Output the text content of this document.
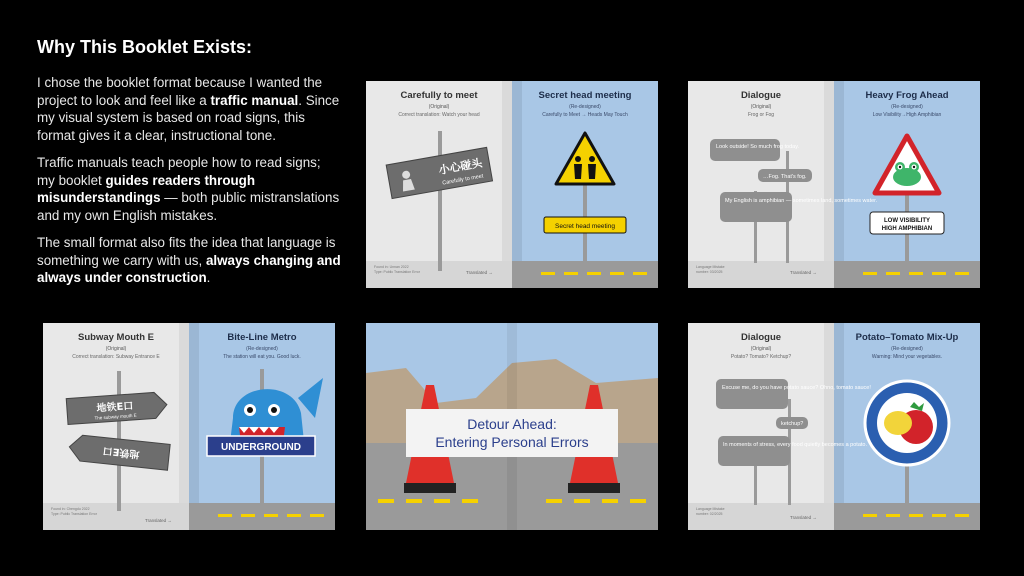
Why This Booklet Exists:

I chose the booklet format because I wanted the project to look and feel like a traffic manual. Since my visual system is based on road signs, this format gives it a clear, instructional tone.

Traffic manuals teach people how to read signs; my booklet guides readers through misunderstandings — both public mistranslations and my own English mistakes.

The small format also fits the idea that language is something we carry with us, always changing and always under construction.

Carefully to meet
(Original)
Correct translation: Watch your head
小心碰头
Carefully to meet
Found in: Unnan 2022
Type: Public Translation Error	Translated →
Secret head meeting
(Re-designed)
Carefully to Meet → Heads May Touch
Secret head meeting
Dialogue
(Original)
Frog or Fog
Look outside! So much frog today.
…Fog. That's fog.
My English is amphibian — sometimes land, sometimes water.
Language Mistake
number: 03/2025	Translated →
Heavy Frog Ahead
(Re-designed)
Low Visibility→High Amphibian
LOW VISIBILITY
HIGH AMPHIBIAN
Subway Mouth E
(Original)
Correct translation: Subway Entrance E
地铁E口
The subway mouth E
地铁E口
Found in: Chengdu 2022
Type: Public Translation Error
Translated →
Bite-Line Metro
(Re-designed)
The station will eat you. Good luck.
UNDERGROUND
Detour Ahead:
Entering Personal Errors
Dialogue
(Original)
Potato? Tomato? Ketchup?
Excuse me, do you have potato sauce? Ohno, tomato sauce!
ketchup?
In moments of stress, every food quietly becomes a potato.
Language Mistake
number: 02/2025
Translated →
Potato–Tomato Mix-Up
(Re-designed)
Warning: Mind your vegetables.
